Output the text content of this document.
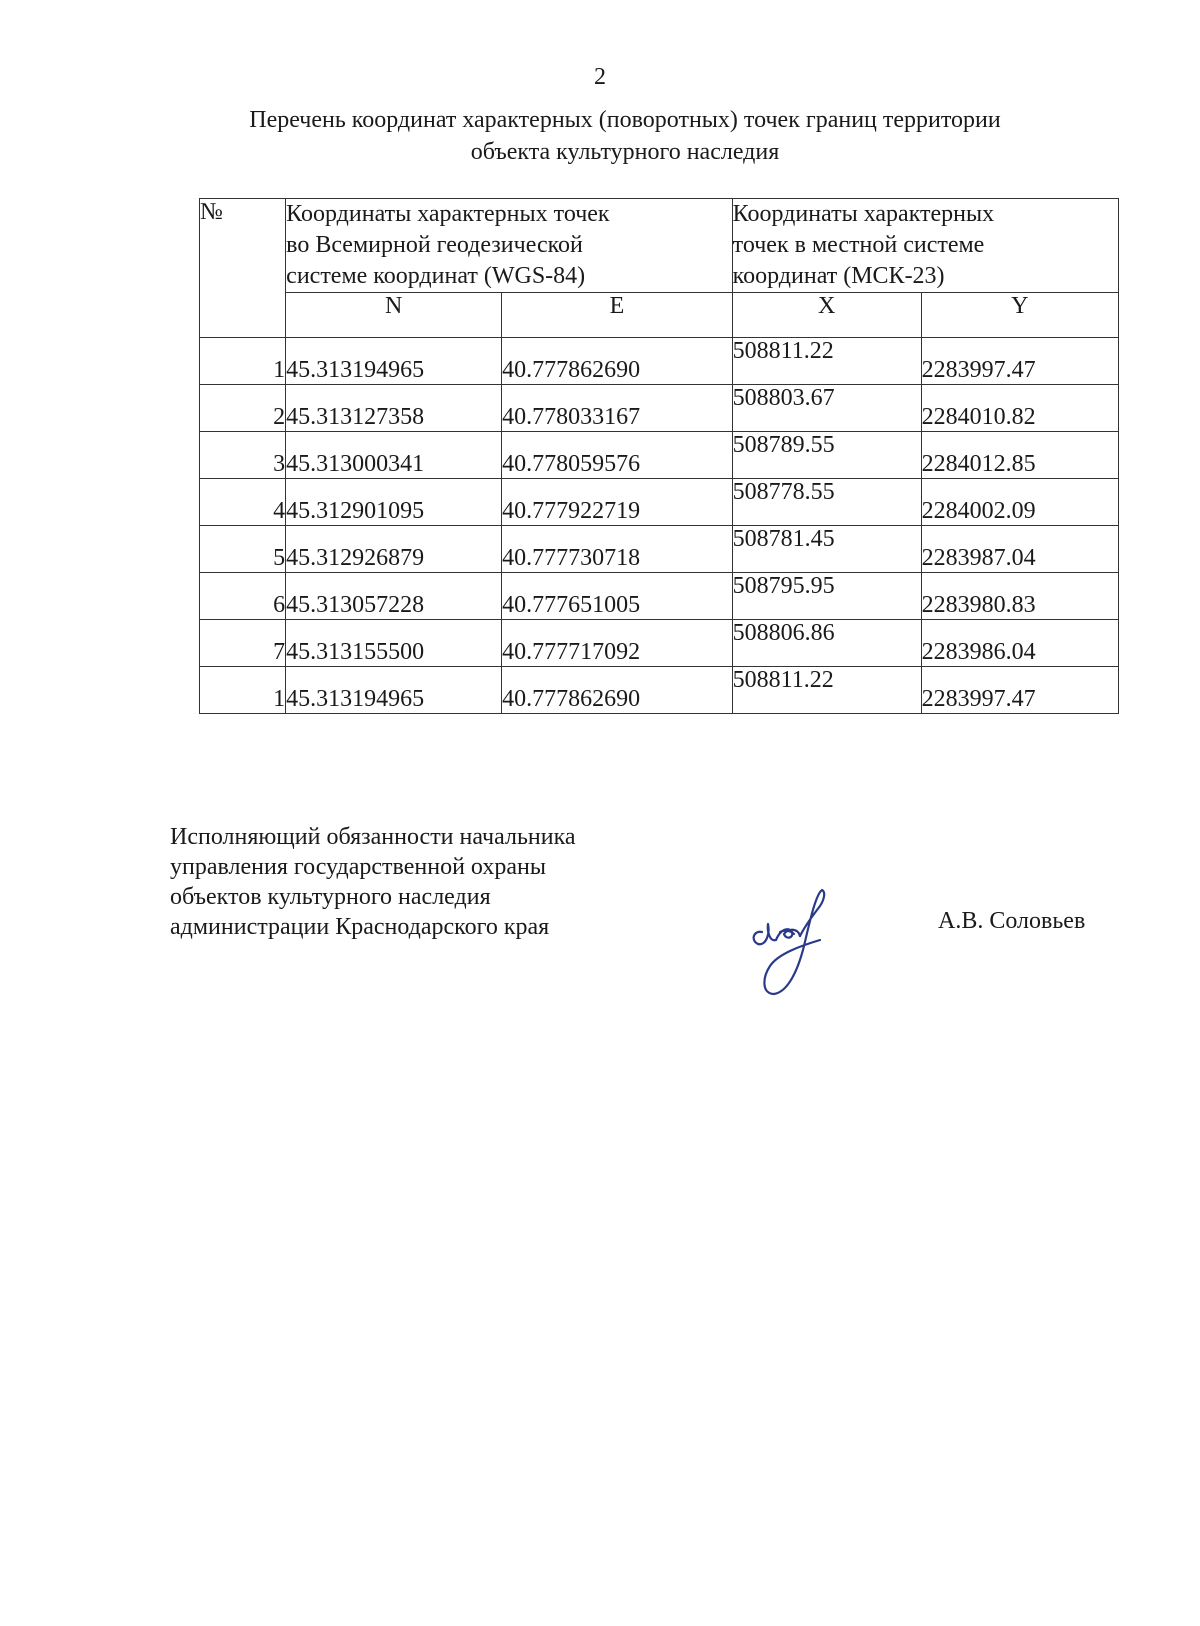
2
Перечень координат характерных (поворотных) точек границ территории
объекта культурного наследия
№	Координаты характерных точек
во Всемирной геодезической
системе координат (WGS-84)		Координаты характерных
точек в местной системе
координат (МСК-23)	

	N	E	X	Y
1	45.313194965	40.777862690	508811.22	2283997.47
2	45.313127358	40.778033167	508803.67	2284010.82
3	45.313000341	40.778059576	508789.55	2284012.85
4	45.312901095	40.777922719	508778.55	2284002.09
5	45.312926879	40.777730718	508781.45	2283987.04
6	45.313057228	40.777651005	508795.95	2283980.83
7	45.313155500	40.777717092	508806.86	2283986.04
1	45.313194965	40.777862690	508811.22	2283997.47
Исполняющий обязанности начальника
управления государственной охраны
объектов культурного наследия
администрации Краснодарского края	А.В. Соловьев
